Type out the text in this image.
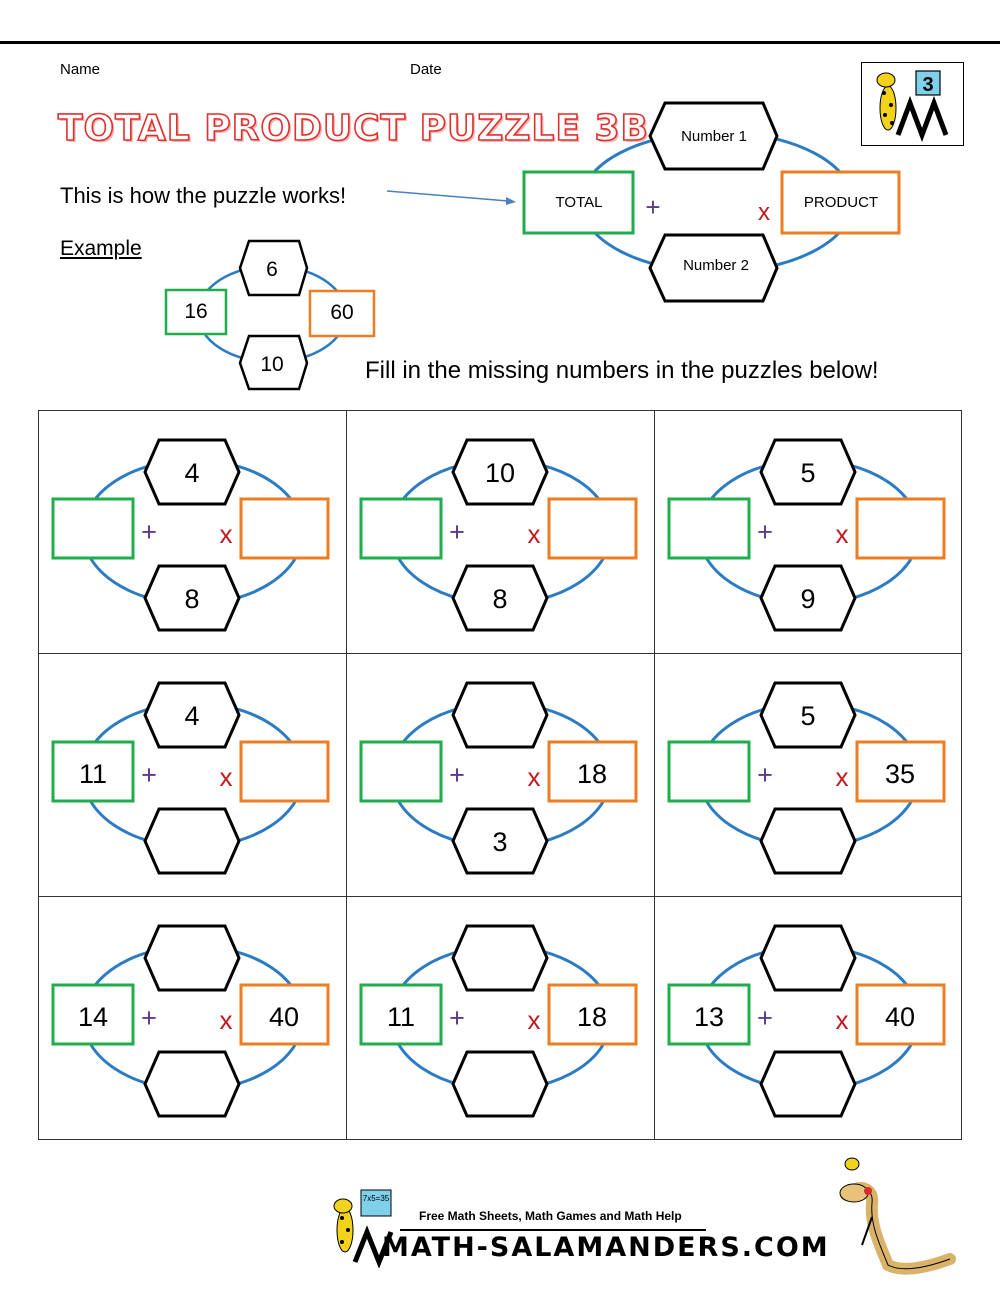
Name	Date
TOTAL PRODUCT PUZZLE 3B
3
This is how the puzzle works!
Number 1
Number 2
TOTAL	PRODUCT
+	x
Example
6
10
16	60
Fill in the missing numbers in the puzzles below!
4
8
+ x
10
8
+ x
5
9
+ x
4
11 + x
3
18
+ x
5
35
+ x
14	40
+ x	11	18
+ x	13	40
+ x
7x5=35
Free Math Sheets, Math Games and Math Help
MATH-SALAMANDERS.COM
